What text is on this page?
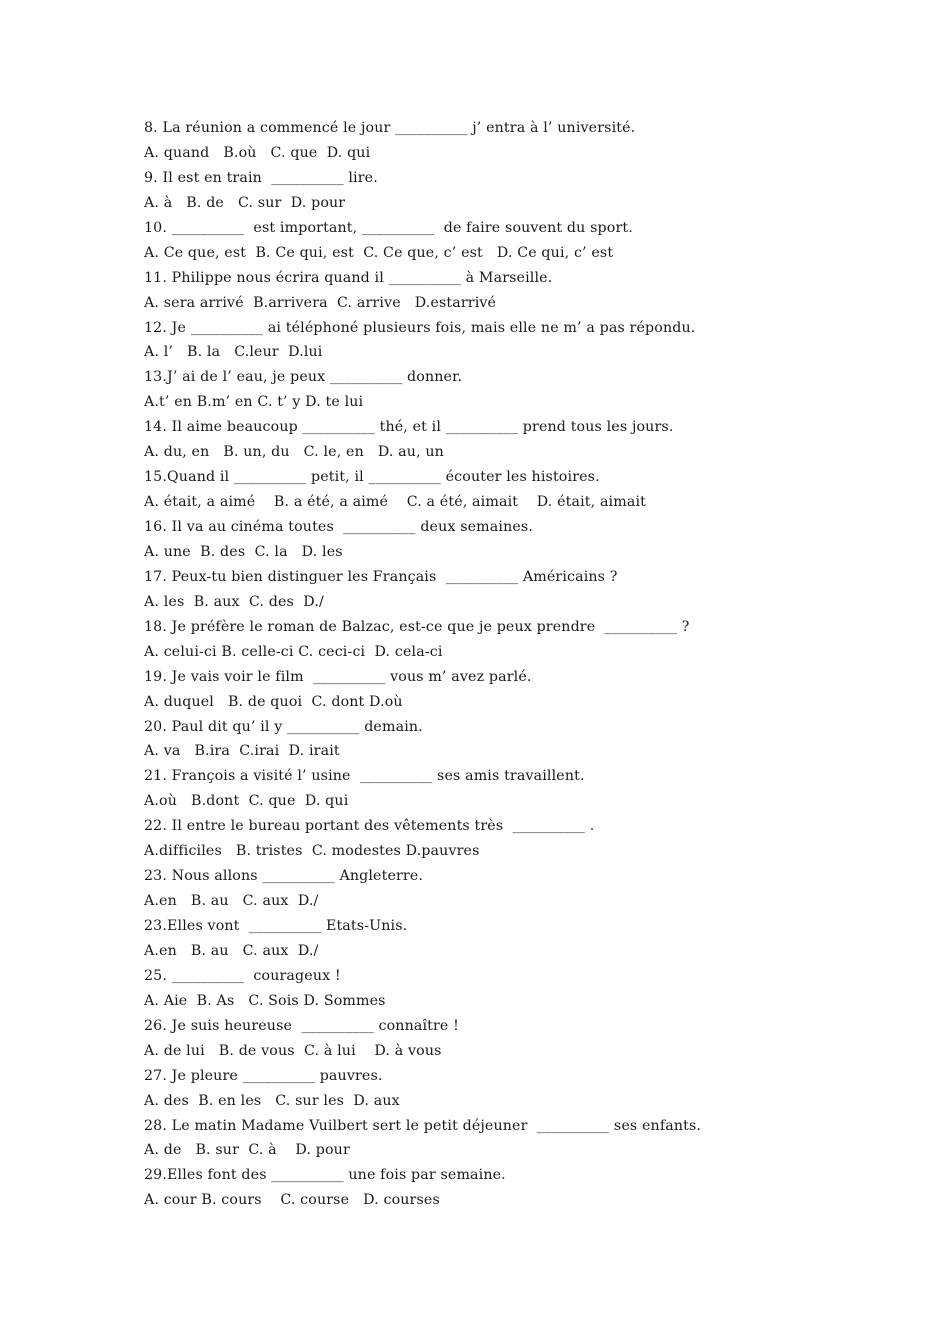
8. La réunion a commencé le jour __________ j’ entra à l’ université.
A. quand   B.où   C. que  D. qui
9. Il est en train  __________ lire.
A. à   B. de   C. sur  D. pour
10. __________  est important, __________  de faire souvent du sport.
A. Ce que, est  B. Ce qui, est  C. Ce que, c’ est   D. Ce qui, c’ est
11. Philippe nous écrira quand il __________ à Marseille.
A. sera arrivé  B.arrivera  C. arrive   D.estarrivé
12. Je __________ ai téléphoné plusieurs fois, mais elle ne m’ a pas répondu.
A. l’   B. la   C.leur  D.lui
13.J’ ai de l’ eau, je peux __________ donner.
A.t’ en B.m’ en C. t’ y D. te lui
14. Il aime beaucoup __________ thé, et il __________ prend tous les jours.
A. du, en   B. un, du   C. le, en   D. au, un
15.Quand il __________ petit, il __________ écouter les histoires.
A. était, a aimé    B. a été, a aimé    C. a été, aimait    D. était, aimait
16. Il va au cinéma toutes  __________ deux semaines.
A. une  B. des  C. la   D. les
17. Peux-tu bien distinguer les Français  __________ Américains ?
A. les  B. aux  C. des  D./
18. Je préfère le roman de Balzac, est-ce que je peux prendre  __________ ?
A. celui-ci B. celle-ci C. ceci-ci  D. cela-ci
19. Je vais voir le film  __________ vous m’ avez parlé.
A. duquel   B. de quoi  C. dont D.où
20. Paul dit qu’ il y __________ demain.
A. va   B.ira  C.irai  D. irait
21. François a visité l’ usine  __________ ses amis travaillent.
A.où   B.dont  C. que  D. qui
22. Il entre le bureau portant des vêtements très  __________ .
A.difficiles   B. tristes  C. modestes D.pauvres
23. Nous allons __________ Angleterre.
A.en   B. au   C. aux  D./
23.Elles vont  __________ Etats-Unis.
A.en   B. au   C. aux  D./
25. __________  courageux !
A. Aie  B. As   C. Sois D. Sommes
26. Je suis heureuse  __________ connaître !
A. de lui   B. de vous  C. à lui    D. à vous
27. Je pleure __________ pauvres.
A. des  B. en les   C. sur les  D. aux
28. Le matin Madame Vuilbert sert le petit déjeuner  __________ ses enfants.
A. de   B. sur  C. à    D. pour
29.Elles font des __________ une fois par semaine.
A. cour B. cours    C. course   D. courses
